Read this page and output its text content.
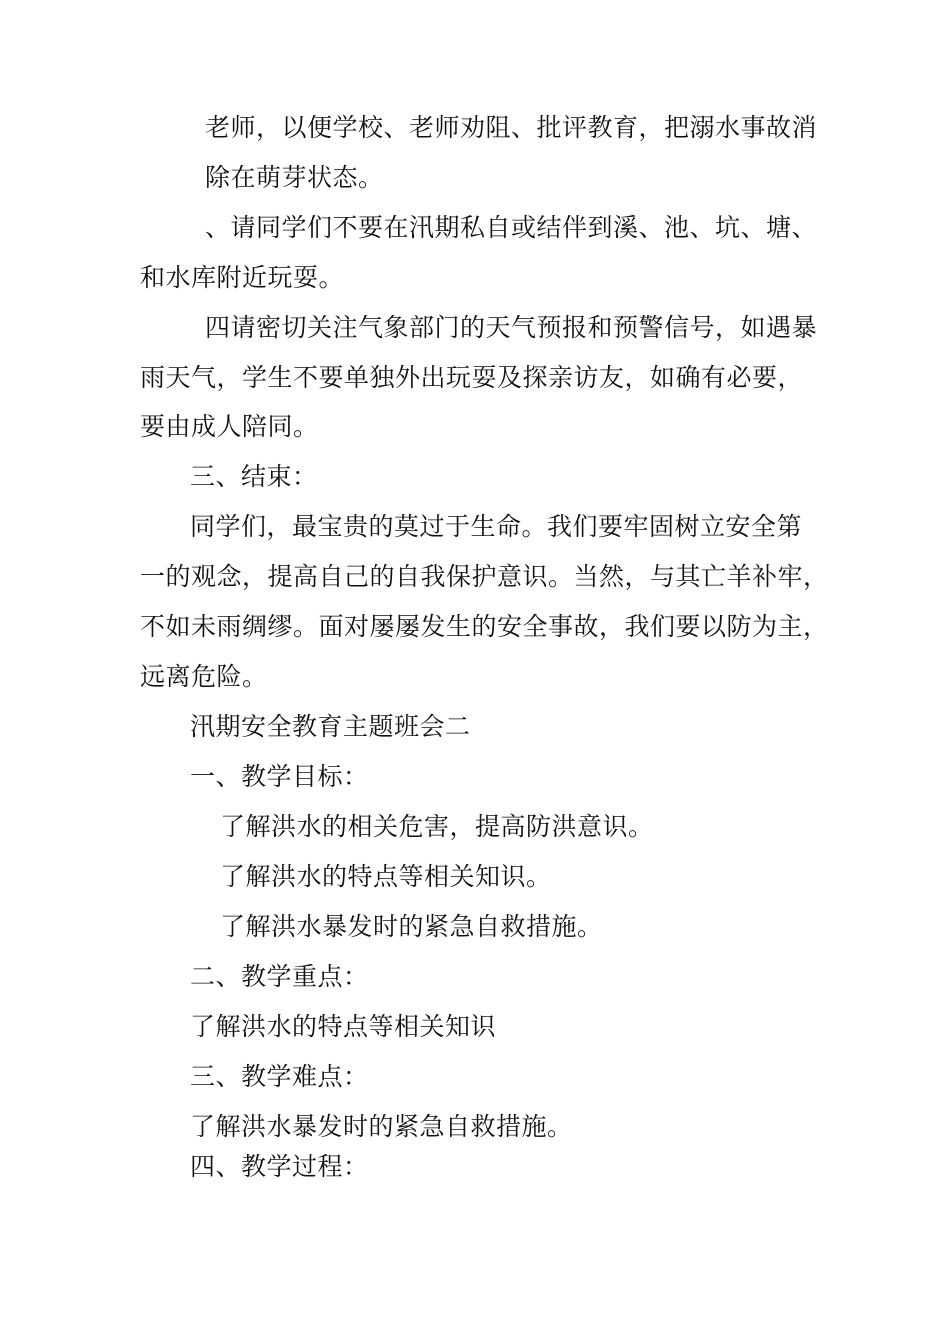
老师，以便学校、老师劝阻、批评教育，把溺水事故消
除在萌芽状态。
、请同学们不要在汛期私自或结伴到溪、池、坑、塘、
和水库附近玩耍。
四请密切关注气象部门的天气预报和预警信号，如遇暴
雨天气，学生不要单独外出玩耍及探亲访友，如确有必要，
要由成人陪同。
三、结束：
同学们，最宝贵的莫过于生命。我们要牢固树立安全第
一的观念，提高自己的自我保护意识。当然，与其亡羊补牢，
不如未雨绸缪。面对屡屡发生的安全事故，我们要以防为主，
远离危险。
汛期安全教育主题班会二
一、教学目标：
了解洪水的相关危害，提高防洪意识。
了解洪水的特点等相关知识。
了解洪水暴发时的紧急自救措施。
二、教学重点：
了解洪水的特点等相关知识
三、教学难点：
了解洪水暴发时的紧急自救措施。
四、教学过程：
